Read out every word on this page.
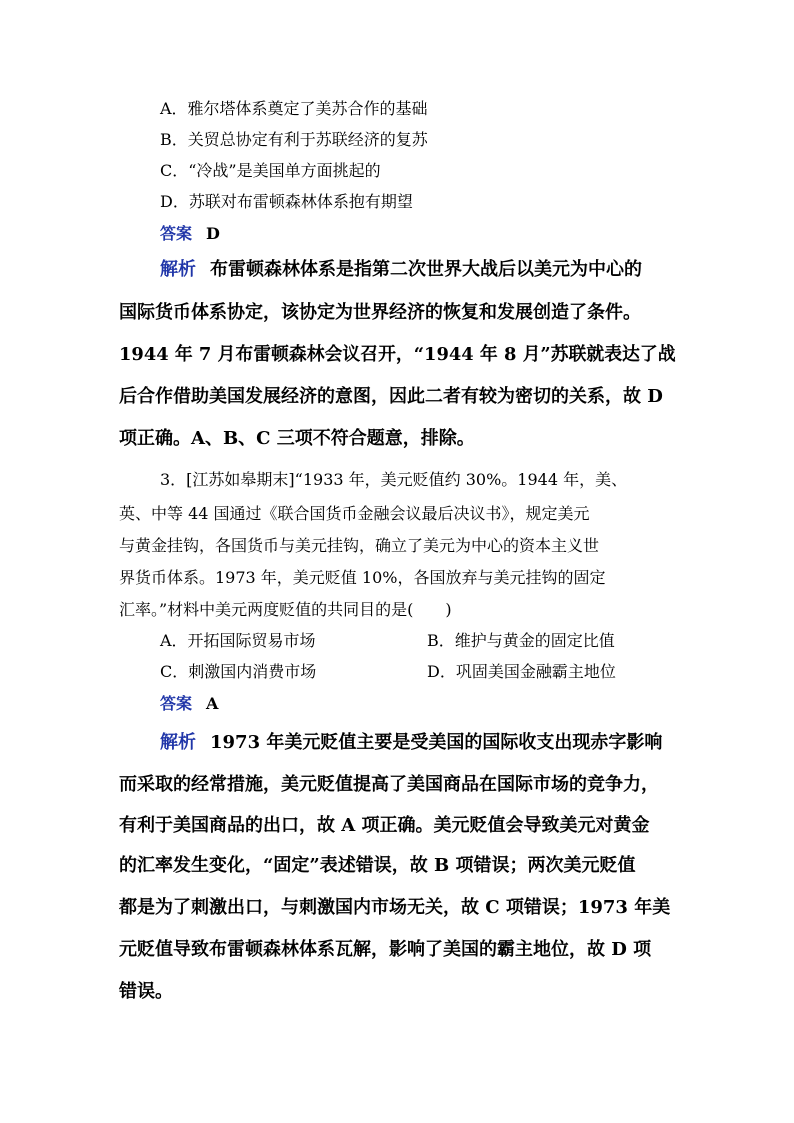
A．雅尔塔体系奠定了美苏合作的基础
B．关贸总协定有利于苏联经济的复苏
C．“冷战”是美国单方面挑起的
D．苏联对布雷顿森林体系抱有期望
答案 D
解析 布雷顿森林体系是指第二次世界大战后以美元为中心的
国际货币体系协定，该协定为世界经济的恢复和发展创造了条件。
1944 年 7 月布雷顿森林会议召开，“1944 年 8 月”苏联就表达了战
后合作借助美国发展经济的意图，因此二者有较为密切的关系，故 D
项正确。A、B、C 三项不符合题意，排除。
3．[江苏如皋期末]“1933 年，美元贬值约 30%。1944 年，美、
英、中等 44 国通过《联合国货币金融会议最后决议书》，规定美元
与黄金挂钩，各国货币与美元挂钩，确立了美元为中心的资本主义世
界货币体系。1973 年，美元贬值 10%，各国放弃与美元挂钩的固定
汇率。”材料中美元两度贬值的共同目的是(　　)
A．开拓国际贸易市场	B．维护与黄金的固定比值
C．刺激国内消费市场	D．巩固美国金融霸主地位
答案 A
解析 1973 年美元贬值主要是受美国的国际收支出现赤字影响
而采取的经常措施，美元贬值提高了美国商品在国际市场的竞争力，
有利于美国商品的出口，故 A 项正确。美元贬值会导致美元对黄金
的汇率发生变化，“固定”表述错误，故 B 项错误；两次美元贬值
都是为了刺激出口，与刺激国内市场无关，故 C 项错误；1973 年美
元贬值导致布雷顿森林体系瓦解，影响了美国的霸主地位，故 D 项
错误。
